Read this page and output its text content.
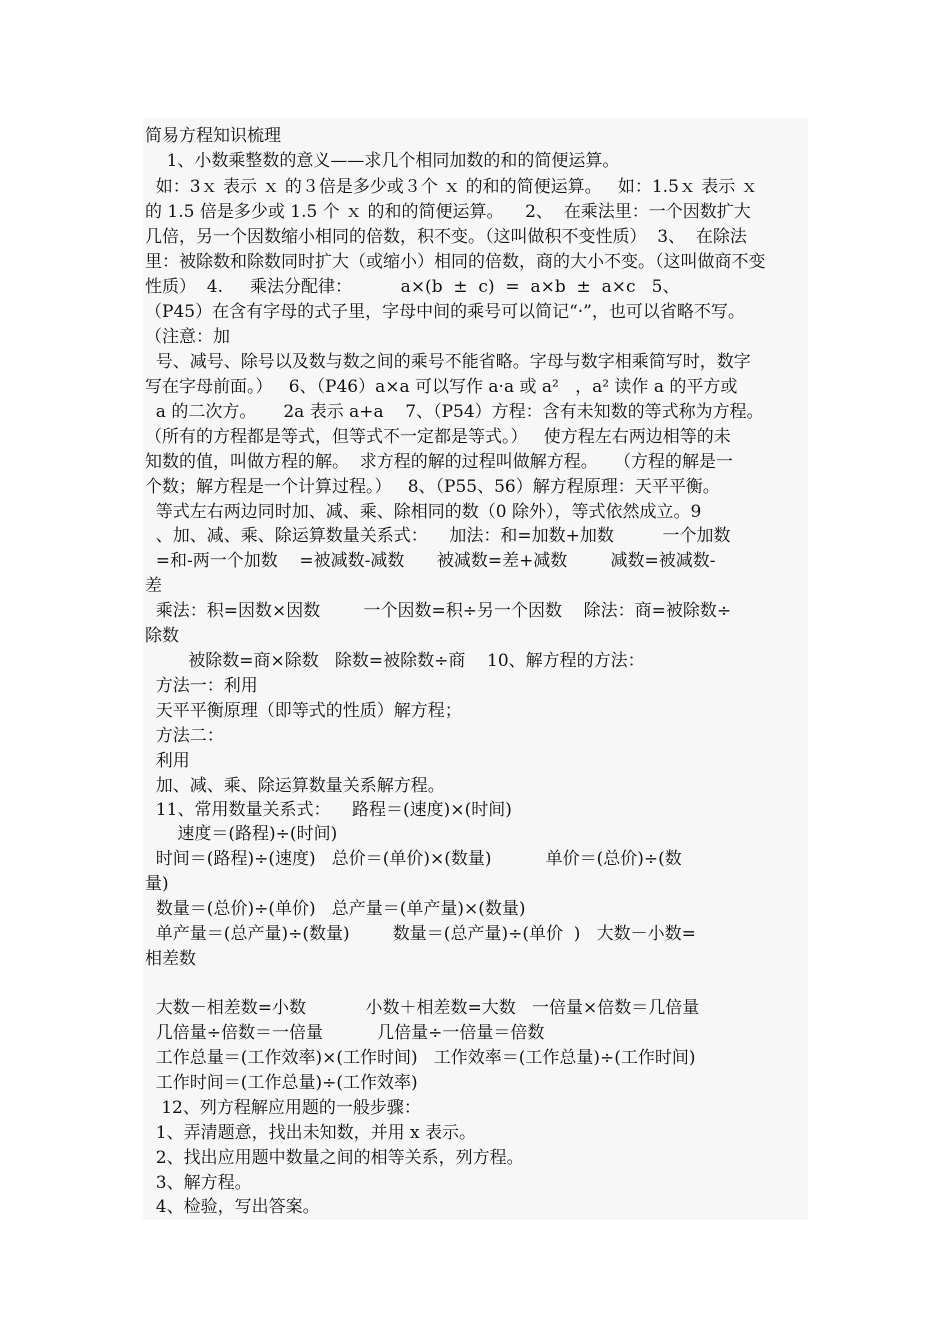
简易方程知识梳理
1、小数乘整数的意义——求几个相同加数的和的简便运算。
如：3ｘ 表示 ｘ 的３倍是多少或３个 ｘ 的和的简便运算。   如：1.5ｘ 表示 ｘ
的 1.5 倍是多少或 1.5 个 ｘ 的和的简便运算。    2、  在乘法里：一个因数扩大
几倍，另一个因数缩小相同的倍数，积不变。（这叫做积不变性质）  3、  在除法
里：被除数和除数同时扩大（或缩小）相同的倍数，商的大小不变。（这叫做商不变
性质）  4.     乘法分配律：         a×(b  ±  c)  =  a×b  ±  a×c   5、
（P45）在含有字母的式子里，字母中间的乘号可以简记“·”，也可以省略不写。
（注意：加
号、减号、除号以及数与数之间的乘号不能省略。字母与数字相乘简写时，数字
写在字母前面。）   6、（P46）a×a 可以写作 a·a 或 a²   ，a² 读作 a 的平方或
a 的二次方。     2a 表示 a+a    7、（P54）方程：含有未知数的等式称为方程。
（所有的方程都是等式，但等式不一定都是等式。）   使方程左右两边相等的未
知数的值，叫做方程的解。  求方程的解的过程叫做解方程。   （方程的解是一
个数；解方程是一个计算过程。）   8、（P55、56）解方程原理：天平平衡。
等式左右两边同时加、减、乘、除相同的数（0 除外），等式依然成立。9
、加、减、乘、除运算数量关系式：    加法：和=加数+加数         一个加数
=和-两一个加数    =被减数-减数      被减数=差+减数        减数=被减数-
差
乘法：积=因数×因数        一个因数=积÷另一个因数    除法：商=被除数÷
除数
被除数=商×除数   除数=被除数÷商    10、解方程的方法：
方法一：利用
天平平衡原理（即等式的性质）解方程；
方法二：
利用
加、减、乘、除运算数量关系解方程。
11、常用数量关系式：    路程＝(速度)×(时间)
速度＝(路程)÷(时间)
时间＝(路程)÷(速度)   总价＝(单价)×(数量)          单价＝(总价)÷(数
量)
数量＝(总价)÷(单价)   总产量＝(单产量)×(数量)
单产量＝(总产量)÷(数量)        数量＝(总产量)÷(单价  )   大数－小数=
相差数
大数－相差数=小数           小数＋相差数=大数   一倍量×倍数＝几倍量
几倍量÷倍数＝一倍量          几倍量÷一倍量＝倍数
工作总量＝(工作效率)×(工作时间)   工作效率＝(工作总量)÷(工作时间)
工作时间＝(工作总量)÷(工作效率)
12、列方程解应用题的一般步骤：
1、弄清题意，找出未知数，并用 x 表示。
2、找出应用题中数量之间的相等关系，列方程。
3、解方程。
4、检验，写出答案。
